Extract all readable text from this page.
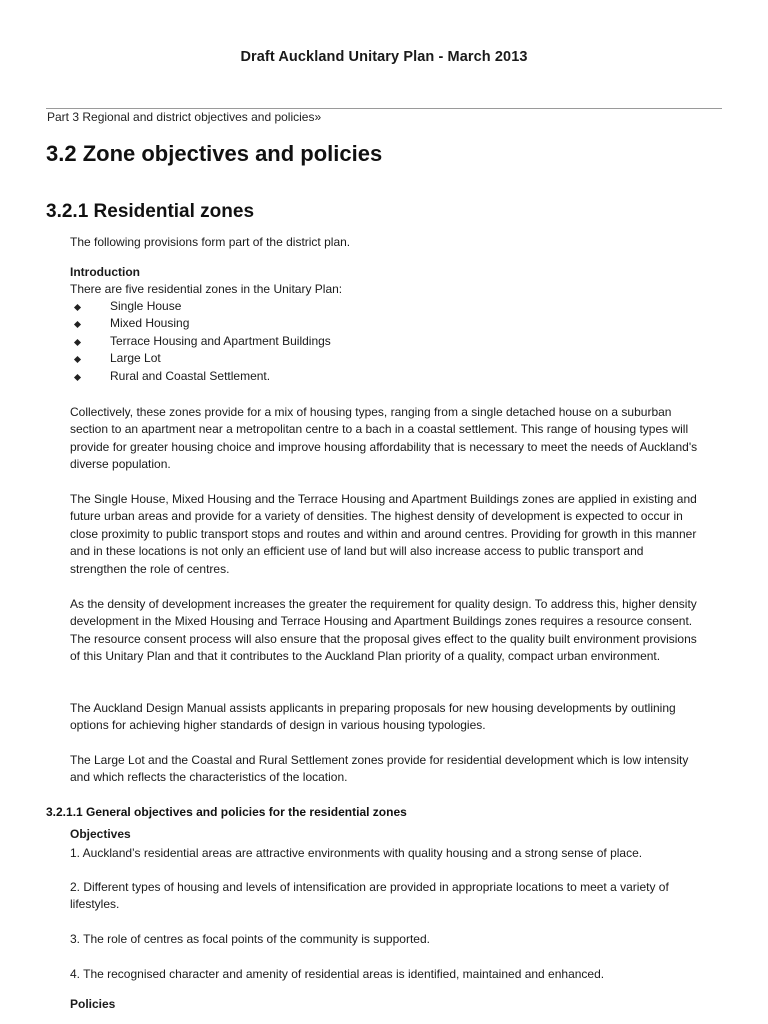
Draft Auckland Unitary Plan - March 2013
Part 3 Regional and district objectives and policies»
3.2 Zone objectives and policies
3.2.1 Residential zones
The following provisions form part of the district plan.
Introduction
There are five residential zones in the Unitary Plan:
Single House
Mixed Housing
Terrace Housing and Apartment Buildings
Large Lot
Rural and Coastal Settlement.
Collectively, these zones provide for a mix of housing types, ranging from a single detached house on a suburban section to an apartment near a metropolitan centre to a bach in a coastal settlement. This range of housing types will provide for greater housing choice and improve housing affordability that is necessary to meet the needs of Auckland's diverse population.
The Single House, Mixed Housing and the Terrace Housing and Apartment Buildings zones are applied in existing and future urban areas and provide for a variety of densities. The highest density of development is expected to occur in close proximity to public transport stops and routes and within and around centres. Providing for growth in this manner and in these locations is not only an efficient use of land but will also increase access to public transport and strengthen the role of centres.
As the density of development increases the greater the requirement for quality design. To address this, higher density development in the Mixed Housing and Terrace Housing and Apartment Buildings zones requires a resource consent. The resource consent process will also ensure that the proposal gives effect to the quality built environment provisions of this Unitary Plan and that it contributes to the Auckland Plan priority of a quality, compact urban environment.
The Auckland Design Manual assists applicants in preparing proposals for new housing developments by outlining options for achieving higher standards of design in various housing typologies.
The Large Lot and the Coastal and Rural Settlement zones provide for residential development which is low intensity and which reflects the characteristics of the location.
3.2.1.1 General objectives and policies for the residential zones
Objectives
1. Auckland’s residential areas are attractive environments with quality housing and a strong sense of place.
2. Different types of housing and levels of intensification are provided in appropriate locations to meet a variety of lifestyles.
3. The role of centres as focal points of the community is supported.
4. The recognised character and amenity of residential areas is identified, maintained and enhanced.
Policies
